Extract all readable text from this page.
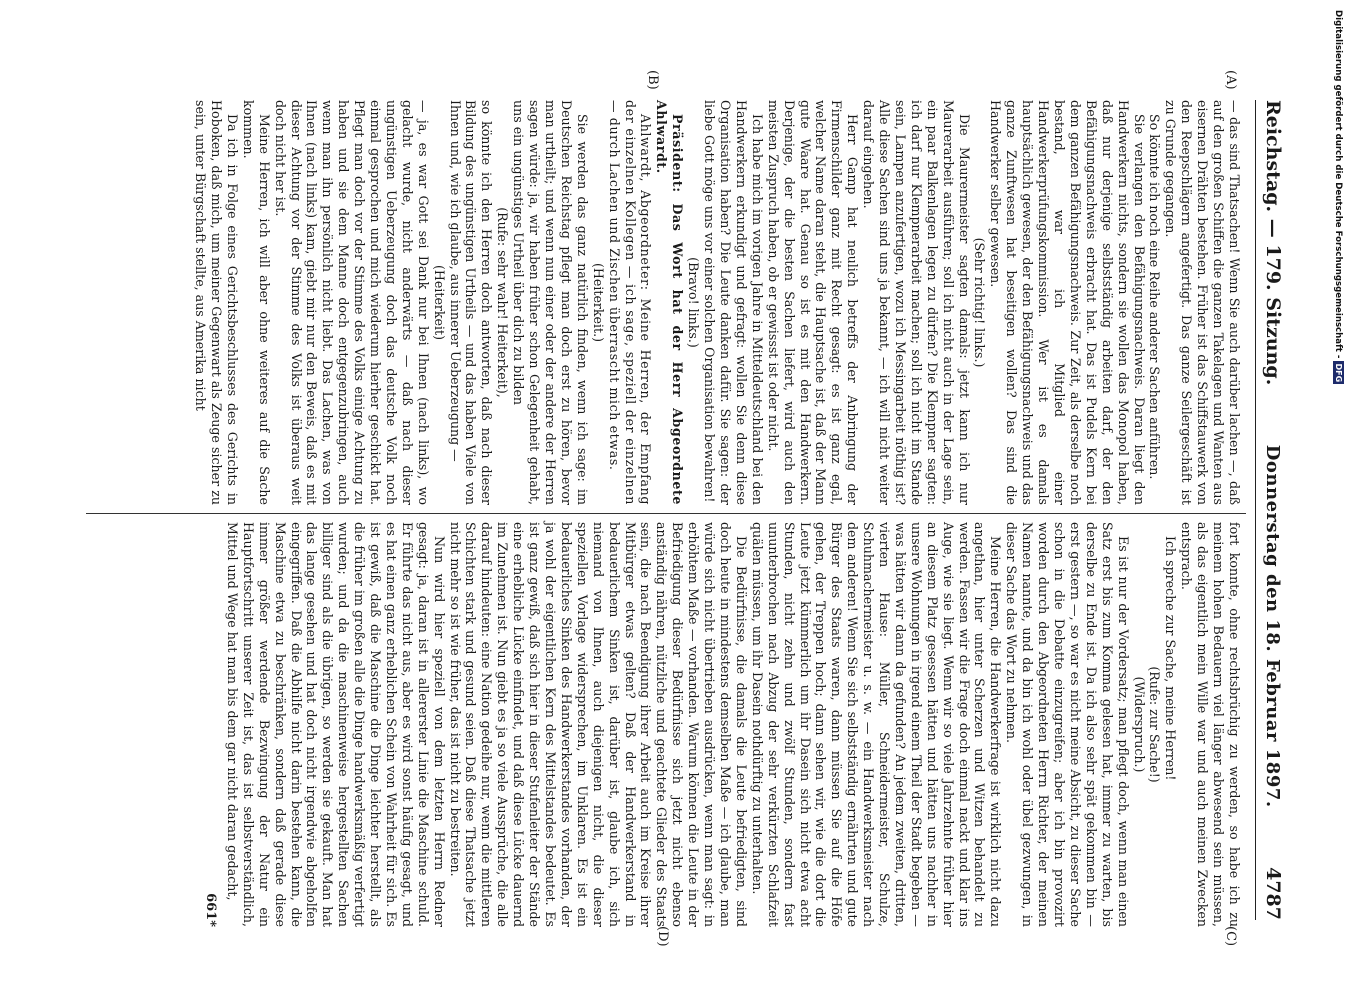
Reichstag. — 179. Sitzung.
Donnerstag den 18. Februar 1897.
4787
(A)
(B)
(C)
(D)

— das sind Thatsachen! Wenn Sie auch darüber lachen —, daß auf den großen Schiffen die ganzen Takelagen und Wanten aus eisernen Drähten bestehen. Früher ist das Schiffstauwerk von den Reepschlägern angefertigt. Das ganze Seilergeschäft ist zu Grunde gegangen.

So könnte ich noch eine Reihe anderer Sachen anführen.

Sie verlangen den Befähigungsnachweis. Daran liegt den Handwerkern nichts, sondern sie wollen das Monopol haben, daß nur derjenige selbstständig arbeiten darf, der den Befähigungsnachweis erbracht hat. Das ist Pudels Kern bei dem ganzen Befähigungsnachweis. Zur Zeit, als derselbe noch bestand, war ich Mitglied einer Handwerkerprüfungskommission. Wer ist es damals hauptsächlich gewesen, der den Befähigungsnachweis und das ganze Zunftwesen hat beseitigen wollen? Das sind die Handwerker selber gewesen.

(Sehr richtig! links.)

Die Maurermeister sagten damals: jetzt kann ich nur Maurerarbeit ausführen; soll ich nicht auch in der Lage sein, ein paar Balkenlagen legen zu dürfen? Die Klempner sagten: ich darf nur Klempnerarbeit machen; soll ich nicht im Stande sein, Lampen anzufertigen, wozu ich Messingarbeit nöthig ist? Alle diese Sachen sind uns ja bekannt, — ich will nicht weiter darauf eingehen.

Herr Gamp hat neulich betreffs der Anbringung der Firmenschilder ganz mit Recht gesagt: es ist ganz egal, welcher Name daran steht, die Hauptsache ist, daß der Mann gute Waare hat. Genau so ist es mit den Handwerkern. Derjenige, der die besten Sachen liefert, wird auch den meisten Zuspruch haben, ob er gewissst ist oder nicht.

Ich habe mich im vorigen Jahre in Mitteldeutschland bei den Handwerkern erkundigt und gefragt: wollen Sie denn diese Organisation haben? Die Leute danken dafür. Sie sagen: der liebe Gott möge uns vor einer solchen Organisation bewahren!

(Bravo! links.)

Präsident: Das Wort hat der Herr Abgeordnete Ahlwardt.

Ahlwardt, Abgeordneter: Meine Herren, der Empfang der einzelnen Kollegen — ich sage, speziell der einzelnen — durch Lachen und Zischen überrascht mich etwas.

(Heiterkeit.)

Sie werden das ganz natürlich finden, wenn ich sage: im Deutschen Reichstag pflegt man doch erst zu hören, bevor man urtheilt; und wenn nun einer oder der andere der Herren sagen würde: ja, wir haben früher schon Gelegenheit gehabt, uns ein ungünstiges Urtheil über dich zu bilden

(Rufe: sehr wahr! Heiterkeit),

so könnte ich den Herren doch antworten, daß nach dieser Bildung des ungünstigen Urtheils — und das haben Viele von Ihnen und, wie ich glaube, aus innerer Ueberzeugung —

(Heiterkeit)

— ja, es war Gott sei Dank nur bei Ihnen (nach links), wo gelacht wurde, nicht anderwärts — daß nach dieser ungünstigen Ueberzeugung doch das deutsche Volk noch einmal gesprochen und mich wiederum hierher geschickt hat. Pflegt man doch vor der Stimme des Volks einige Achtung zu haben und sie dem Manne doch entgegenzubringen, auch wenn man ihn persönlich nicht liebt. Das Lachen, was von Ihnen (nach links) kam, giebt mir nur den Beweis, daß es mit dieser Achtung vor der Stimme des Volks ist überaus weit doch nicht her ist.

Meine Herren, ich will aber ohne weiteres auf die Sache kommen.

Da ich in Folge eines Gerichtsbeschlusses des Gerichts in Hoboken, daß mich, um meiner Gegenwart als Zeuge sicher zu sein, unter Bürgschaft stellte, aus Amerika nicht

fort konnte, ohne rechtsbrüchig zu werden, so habe ich zu meinem hohen Bedauern viel länger abwesend sein müssen, als das eigentlich mein Wille war und auch meinen Zwecken entsprach.

Ich spreche zur Sache, meine Herren!

(Rufe: zur Sache!)

(Widerspruch.)

Es ist nur der Vordersatz; man pflegt doch, wenn man einen Satz erst bis zum Komma gelesen hat, immer zu warten, bis derselbe zu Ende ist. Da ich also sehr spät gekommen bin — erst gestern —, so war es nicht meine Absicht, zu dieser Sache schon in die Debatte einzugreifen; aber ich bin provozirt worden durch den Abgeordneten Herrn Richter, der meinen Namen nannte, und da bin ich wohl oder übel gezwungen, in dieser Sache das Wort zu nehmen.

Meine Herren, die Handwerkerfrage ist wirklich nicht dazu angethan, hier unter Scherzen und Witzen behandelt zu werden. Fassen wir die Frage doch einmal nackt und klar ins Auge, wie sie liegt. Wenn wir so viele Jahrzehnte früher hier an diesem Platz gesessen hätten und hätten uns nachher in unsere Wohnungen in irgend einem Theil der Stadt begeben — was hätten wir dann da gefunden? An jedem zweiten, dritten, vierten Hause: Müller, Schneidermeister, Schulze, Schuhmachermeister u. s. w. — ein Handwerksmeister nach dem anderen! Wenn Sie sich selbstständig ernährten und gute Bürger des Staats waren, dann müssen Sie auf die Höfe gehen, der Treppen hoch; dann sehen wir, wie die dort die Leute jetzt kümmerlich um ihr Dasein sich nicht etwa acht Stunden, nicht zehn und zwölf Stunden, sondern fast ununterbrochen nach Abzug der sehr verkürzten Schlafzeit quälen müssen, um ihr Dasein nothdürftig zu unterhalten.

Die Bedürfnisse, die damals die Leute befriedigten, sind doch heute in mindestens demselben Maße — ich glaube, man würde sich nicht übertrieben ausdrücken, wenn man sagt: in erhöhtem Maße — vorhanden. Warum können die Leute in der Befriedigung dieser Bedürfnisse sich jetzt nicht ebenso anständig nähren, nützliche und geachtete Glieder des Staats sein, die nach Beendigung ihrer Arbeit auch im Kreise ihrer Mitbürger etwas gelten? Daß der Handwerkerstand in bedauerlichem Sinken ist, darüber ist, glaube ich, sich niemand von Ihnen, auch diejenigen nicht, die dieser speziellen Vorlage widersprechen, im Unklaren. Es ist ein bedauerliches Sinken des Handwerkerstandes vorhanden, der ja wohl der eigentlichen Kern des Mittelstandes bedeutet. Es ist ganz gewiß, daß sich hier in dieser Stufenleiter der Stände eine erhebliche Lücke einfindet, und daß diese Lücke dauernd im Zunehmen ist. Nun giebt es ja so viele Aussprüche, die alle darauf hindeuten: eine Nation gedeihe nur, wenn die mittleren Schichten stark und gesund seien. Daß diese Thatsache jetzt nicht mehr so ist wie früher, das ist nicht zu bestreiten.

Nun wird hier speziell von dem letzten Herrn Redner gesagt: ja, daran ist in allererster Linie die Maschine schuld. Er führte das nicht aus, aber es wird sonst häufig gesagt, und es hat einen ganz erheblichen Schein von Wahrheit für sich. Es ist gewiß, daß die Maschine die Dinge leichter herstellt, als die früher im großen alle die Dinge handwerksmäßig verfertigt wurden; und da die maschinenweise hergestellten Sachen billiger sind als die übrigen, so werden sie gekauft. Man hat das lange gesehen und hat doch nicht irgendwie abgeholfen eingegriffen. Daß die Abhilfe nicht darin bestehen kann, die Maschine etwa zu beschränken, sondern daß gerade diese immer größer werdende Bezwingung der Natur ein Hauptfortschritt unserer Zeit ist, das ist selbstverständlich, Mittel und Wege hat man bis dem gar nicht daran gedacht,

661*
Digitalisierung gefördert durch die Deutsche Forschungsgemeinschaft -
DFG
